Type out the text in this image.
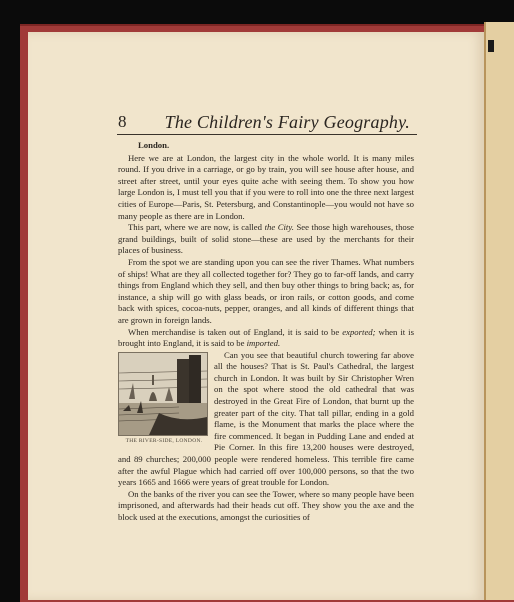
8 The Children's Fairy Geography.

London.

Here we are at London, the largest city in the whole world. It is many miles round. If you drive in a carriage, or go by train, you will see house after house, and street after street, until your eyes quite ache with seeing them. To show you how large London is, I must tell you that if you were to roll into one the three next largest cities of Europe—Paris, St. Petersburg, and Constantinople—you would not have so many people as there are in London.

This part, where we are now, is called the City. See those high warehouses, those grand buildings, built of solid stone—these are used by the merchants for their places of business.

From the spot we are standing upon you can see the river Thames. What numbers of ships! What are they all collected together for? They go to far-off lands, and carry things from England which they sell, and then buy other things to bring back; as, for instance, a ship will go with glass beads, or iron rails, or cotton goods, and come back with spices, cocoa-nuts, pepper, oranges, and all kinds of different things that are grown in foreign lands.

When merchandise is taken out of England, it is said to be exported; when it is brought into England, it is said to be imported.

THE RIVER-SIDE, LONDON.

Can you see that beautiful church towering far above all the houses? That is St. Paul's Cathedral, the largest church in London. It was built by Sir Christopher Wren on the spot where stood the old cathedral that was destroyed in the Great Fire of London, that burnt up the greater part of the city. That tall pillar, ending in a gold flame, is the Monument that marks the place where the fire commenced. It began in Pudding Lane and ended at Pie Corner. In this fire 13,200 houses were destroyed, and 89 churches; 200,000 people were rendered homeless. This terrible fire came after the awful Plague which had carried off over 100,000 persons, so that the two years 1665 and 1666 were years of great trouble for London.

On the banks of the river you can see the Tower, where so many people have been imprisoned, and afterwards had their heads cut off. They show you the axe and the block used at the executions, amongst the curiosities of
